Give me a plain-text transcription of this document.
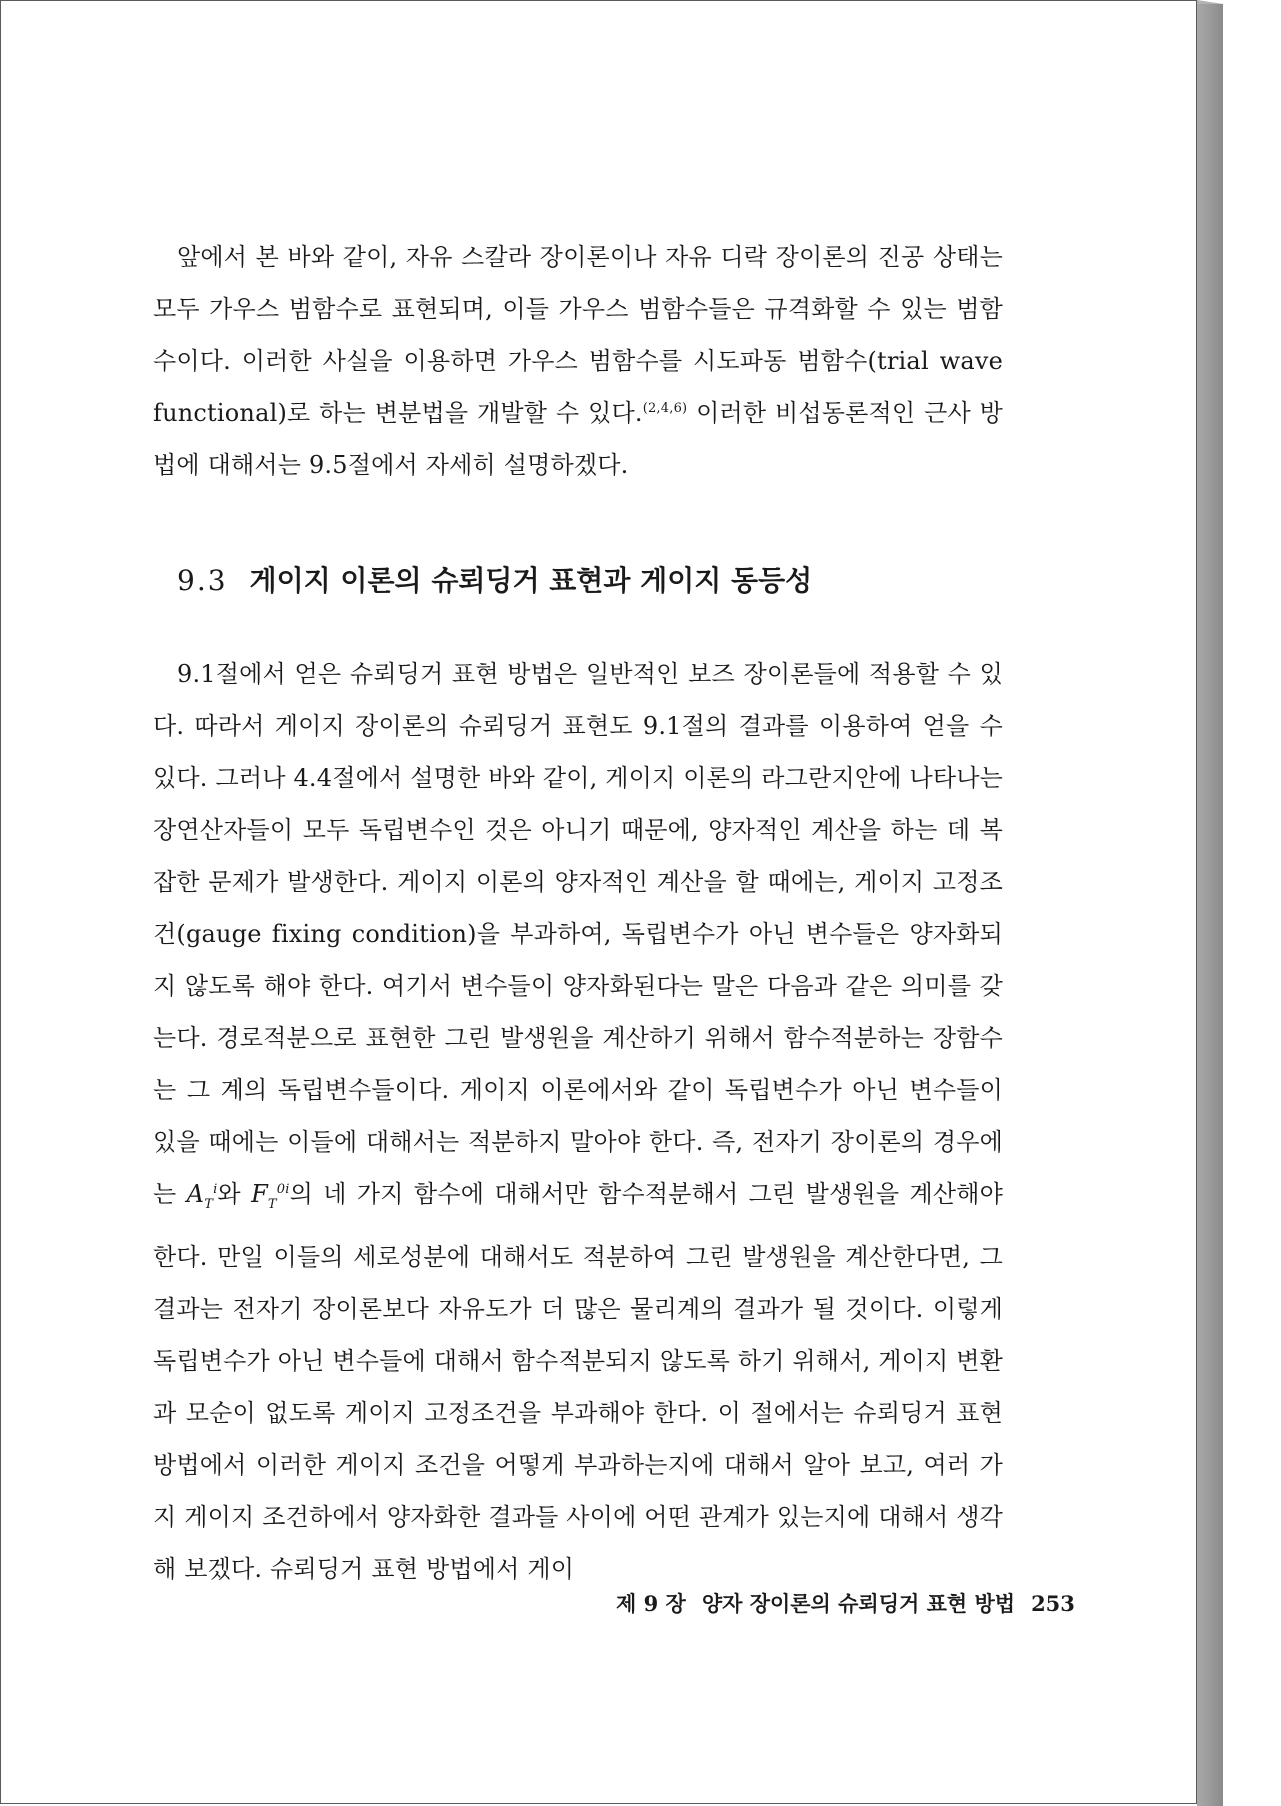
앞에서 본 바와 같이, 자유 스칼라 장이론이나 자유 디락 장이론의 진공 상태는 모두 가우스 범함수로 표현되며, 이들 가우스 범함수들은 규격화할 수 있는 범함수이다. 이러한 사실을 이용하면 가우스 범함수를 시도파동 범함수(trial wave functional)로 하는 변분법을 개발할 수 있다.$^{(2,4,6)}$ 이러한 비섭동론적인 근사 방법에 대해서는 9.5절에서 자세히 설명하겠다.

9.3 게이지 이론의 슈뢰딩거 표현과 게이지 동등성

9.1절에서 얻은 슈뢰딩거 표현 방법은 일반적인 보즈 장이론들에 적용할 수 있다. 따라서 게이지 장이론의 슈뢰딩거 표현도 9.1절의 결과를 이용하여 얻을 수 있다. 그러나 4.4절에서 설명한 바와 같이, 게이지 이론의 라그란지안에 나타나는 장연산자들이 모두 독립변수인 것은 아니기 때문에, 양자적인 계산을 하는 데 복잡한 문제가 발생한다. 게이지 이론의 양자적인 계산을 할 때에는, 게이지 고정조건(gauge fixing condition)을 부과하여, 독립변수가 아닌 변수들은 양자화되지 않도록 해야 한다. 여기서 변수들이 양자화된다는 말은 다음과 같은 의미를 갖는다. 경로적분으로 표현한 그린 발생원을 계산하기 위해서 함수적분하는 장함수는 그 계의 독립변수들이다. 게이지 이론에서와 같이 독립변수가 아닌 변수들이 있을 때에는 이들에 대해서는 적분하지 말아야 한다. 즉, 전자기 장이론의 경우에는 $A_T^i$와 $F_T^{0i}$의 네 가지 함수에 대해서만 함수적분해서 그린 발생원을 계산해야 한다. 만일 이들의 세로성분에 대해서도 적분하여 그린 발생원을 계산한다면, 그 결과는 전자기 장이론보다 자유도가 더 많은 물리계의 결과가 될 것이다. 이렇게 독립변수가 아닌 변수들에 대해서 함수적분되지 않도록 하기 위해서, 게이지 변환과 모순이 없도록 게이지 고정조건을 부과해야 한다. 이 절에서는 슈뢰딩거 표현 방법에서 이러한 게이지 조건을 어떻게 부과하는지에 대해서 알아 보고, 여러 가지 게이지 조건하에서 양자화한 결과들 사이에 어떤 관계가 있는지에 대해서 생각해 보겠다. 슈뢰딩거 표현 방법에서 게이

제 9 장 양자 장이론의 슈뢰딩거 표현 방법 253
